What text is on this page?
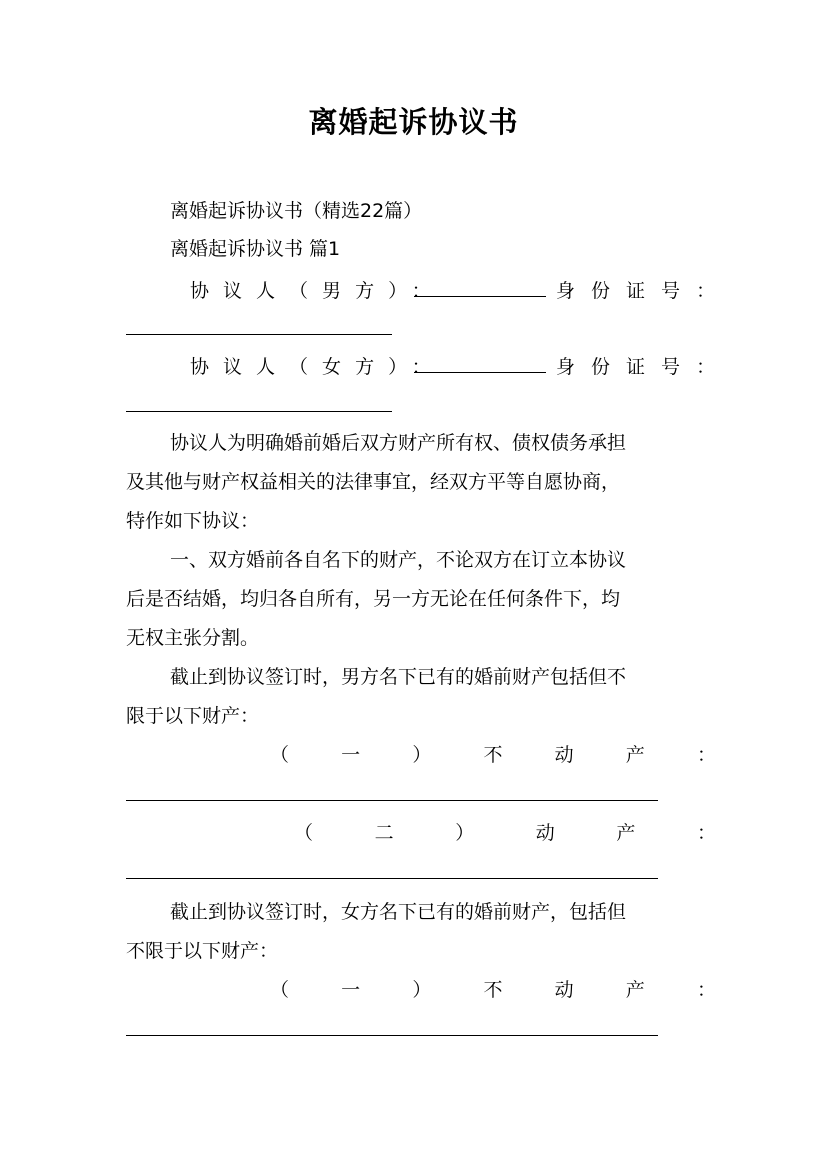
离婚起诉协议书
离婚起诉协议书（精选22篇）
离婚起诉协议书 篇1
协议人（男方）：	身份证号：
协议人（女方）：	身份证号：
协议人为明确婚前婚后双方财产所有权、债权债务承担
及其他与财产权益相关的法律事宜，经双方平等自愿协商，
特作如下协议：
一、双方婚前各自名下的财产，不论双方在订立本协议
后是否结婚，均归各自所有，另一方无论在任何条件下，均
无权主张分割。
截止到协议签订时，男方名下已有的婚前财产包括但不
限于以下财产：
（	一	）	不	动	产	：
（	二	）	动	产	：
截止到协议签订时，女方名下已有的婚前财产，包括但
不限于以下财产：
（	一	）	不	动	产	：
